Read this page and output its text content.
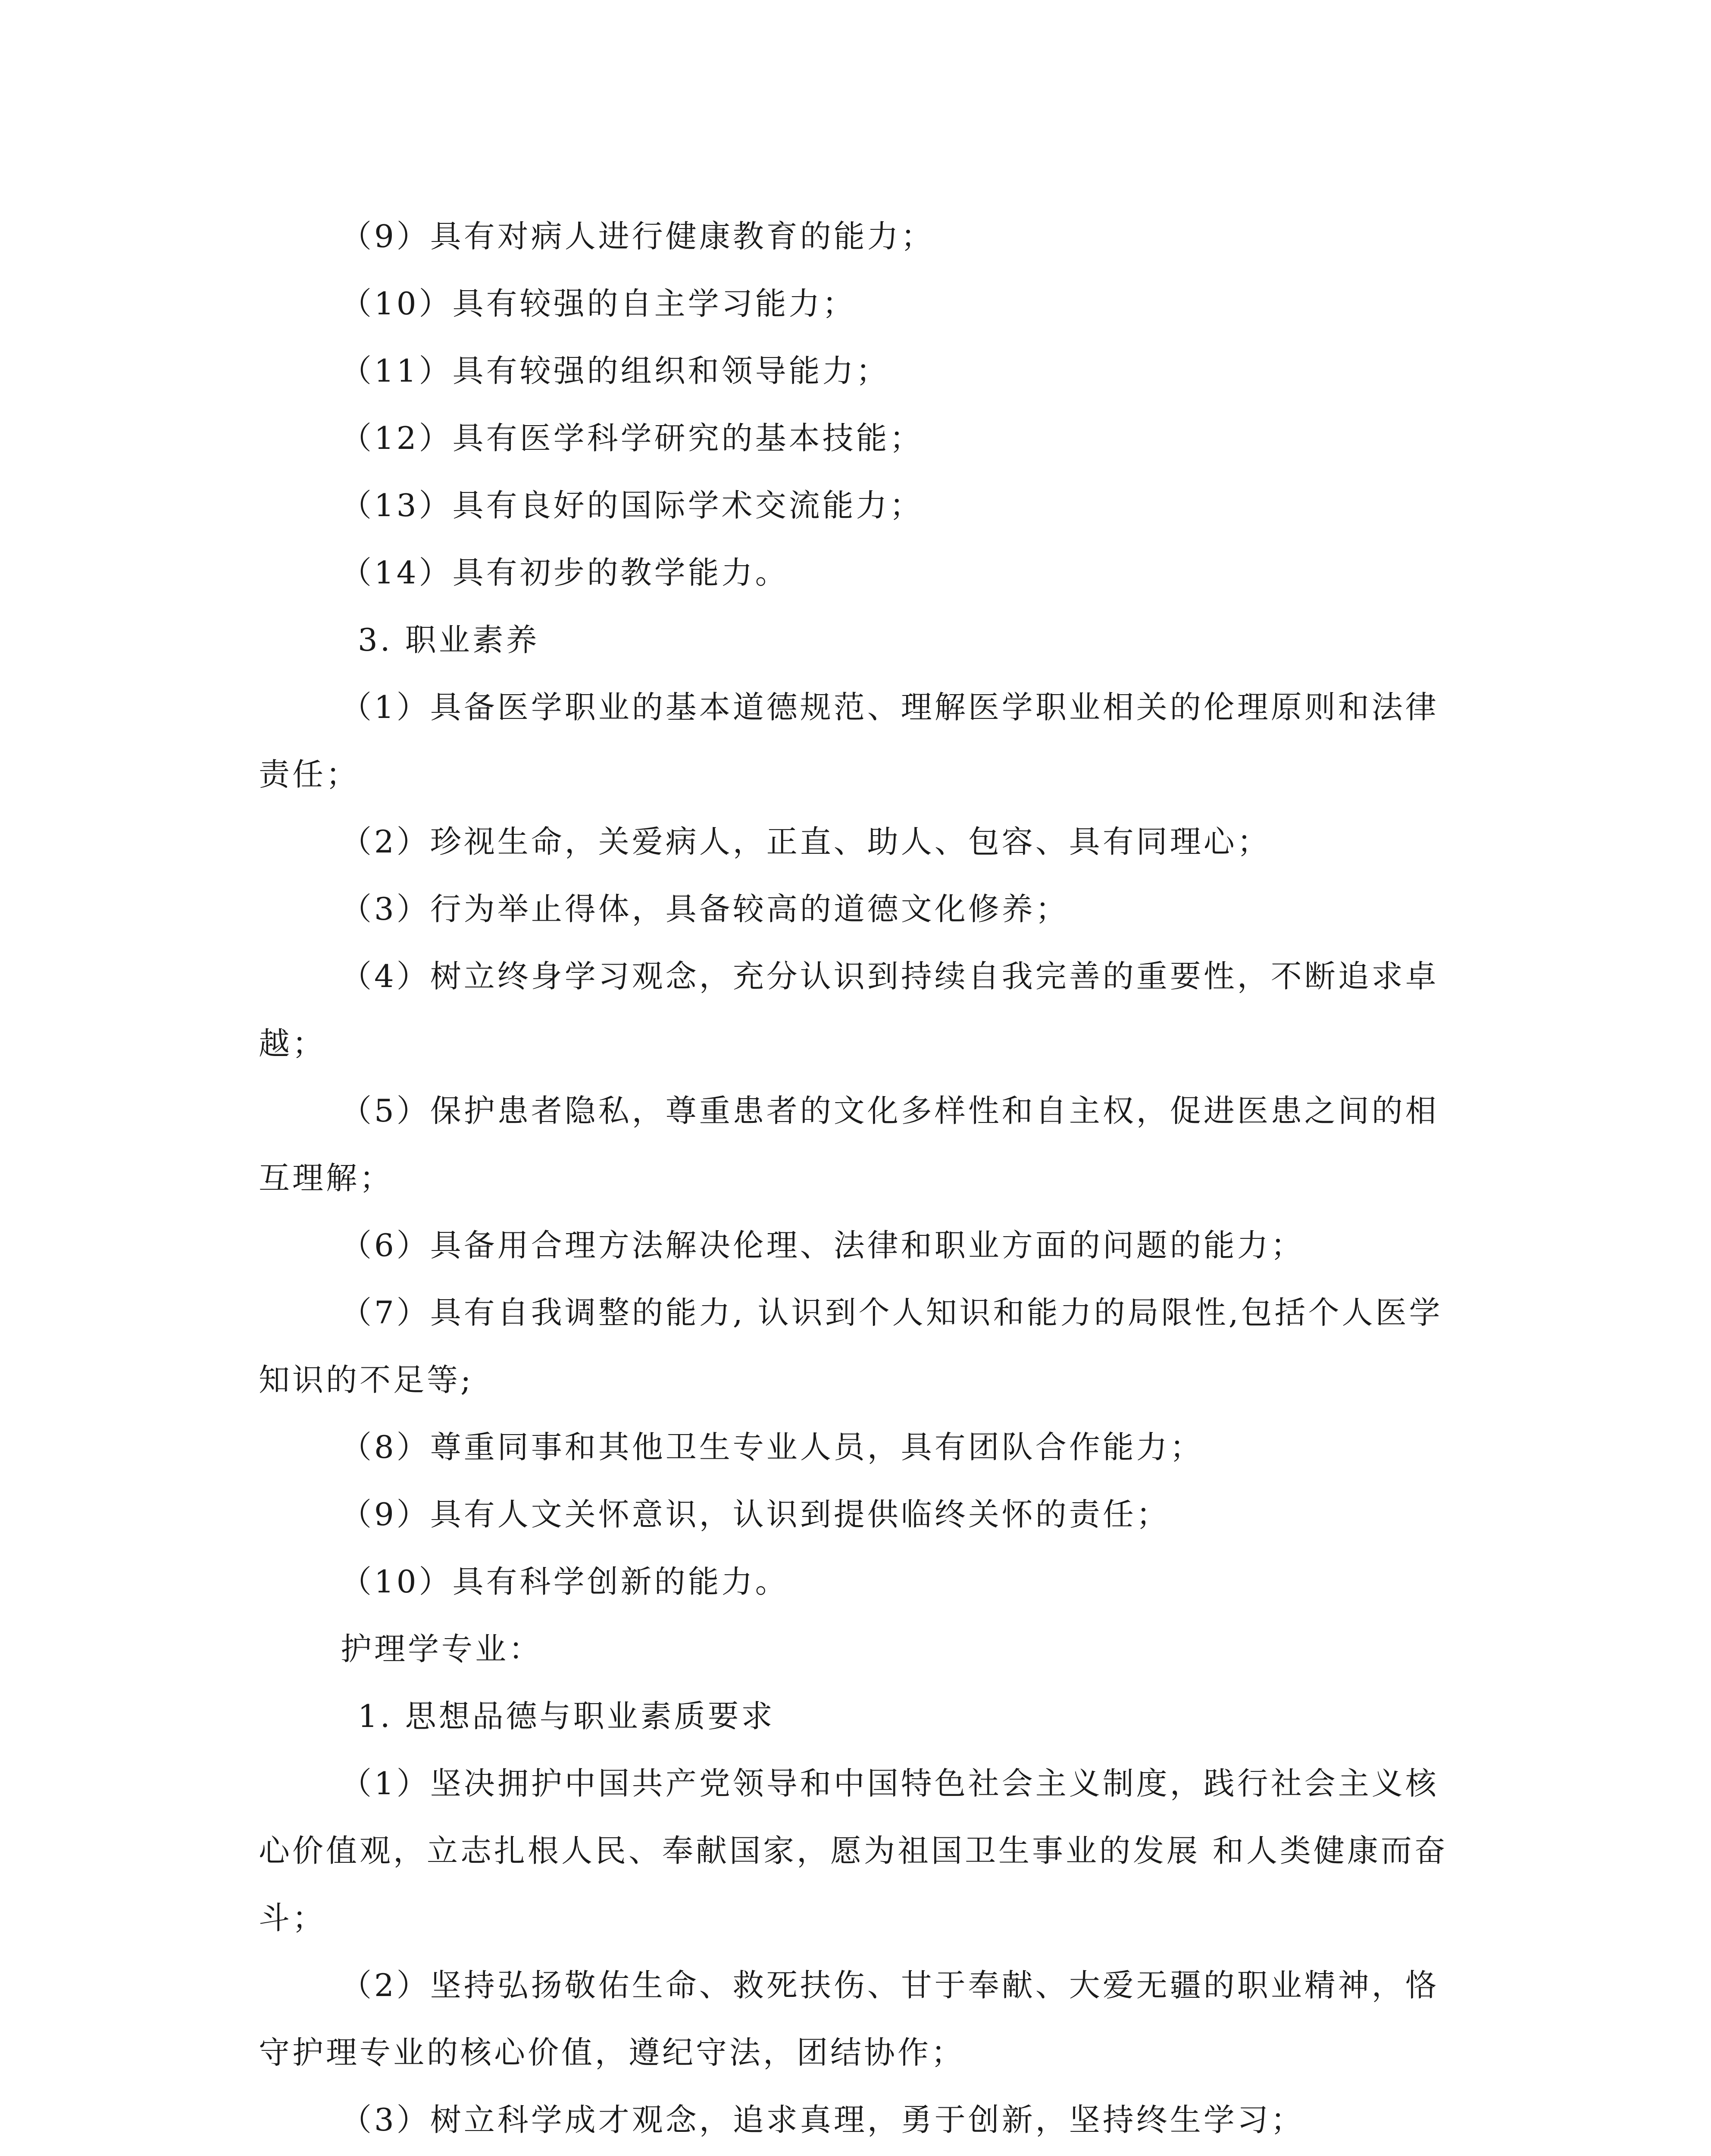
（9）具有对病人进行健康教育的能力；

（10）具有较强的自主学习能力；

（11）具有较强的组织和领导能力；

（12）具有医学科学研究的基本技能；

（13）具有良好的国际学术交流能力；

（14）具有初步的教学能力。

3. 职业素养

（1）具备医学职业的基本道德规范、理解医学职业相关的伦理原则和法律责任；

（2）珍视生命，关爱病人，正直、助人、包容、具有同理心；

（3）行为举止得体，具备较高的道德文化修养；

（4）树立终身学习观念，充分认识到持续自我完善的重要性，不断追求卓越；

（5）保护患者隐私，尊重患者的文化多样性和自主权，促进医患之间的相互理解；

（6）具备用合理方法解决伦理、法律和职业方面的问题的能力；

（7）具有自我调整的能力, 认识到个人知识和能力的局限性,包括个人医学知识的不足等;

（8）尊重同事和其他卫生专业人员，具有团队合作能力；

（9）具有人文关怀意识，认识到提供临终关怀的责任；

（10）具有科学创新的能力。

护理学专业：

1. 思想品德与职业素质要求

（1）坚决拥护中国共产党领导和中国特色社会主义制度，践行社会主义核心价值观，立志扎根人民、奉献国家，愿为祖国卫生事业的发展 和人类健康而奋斗；

（2）坚持弘扬敬佑生命、救死扶伤、甘于奉献、大爱无疆的职业精神，恪守护理专业的核心价值，遵纪守法，团结协作；

（3）树立科学成才观念，追求真理，勇于创新，坚持终生学习；
